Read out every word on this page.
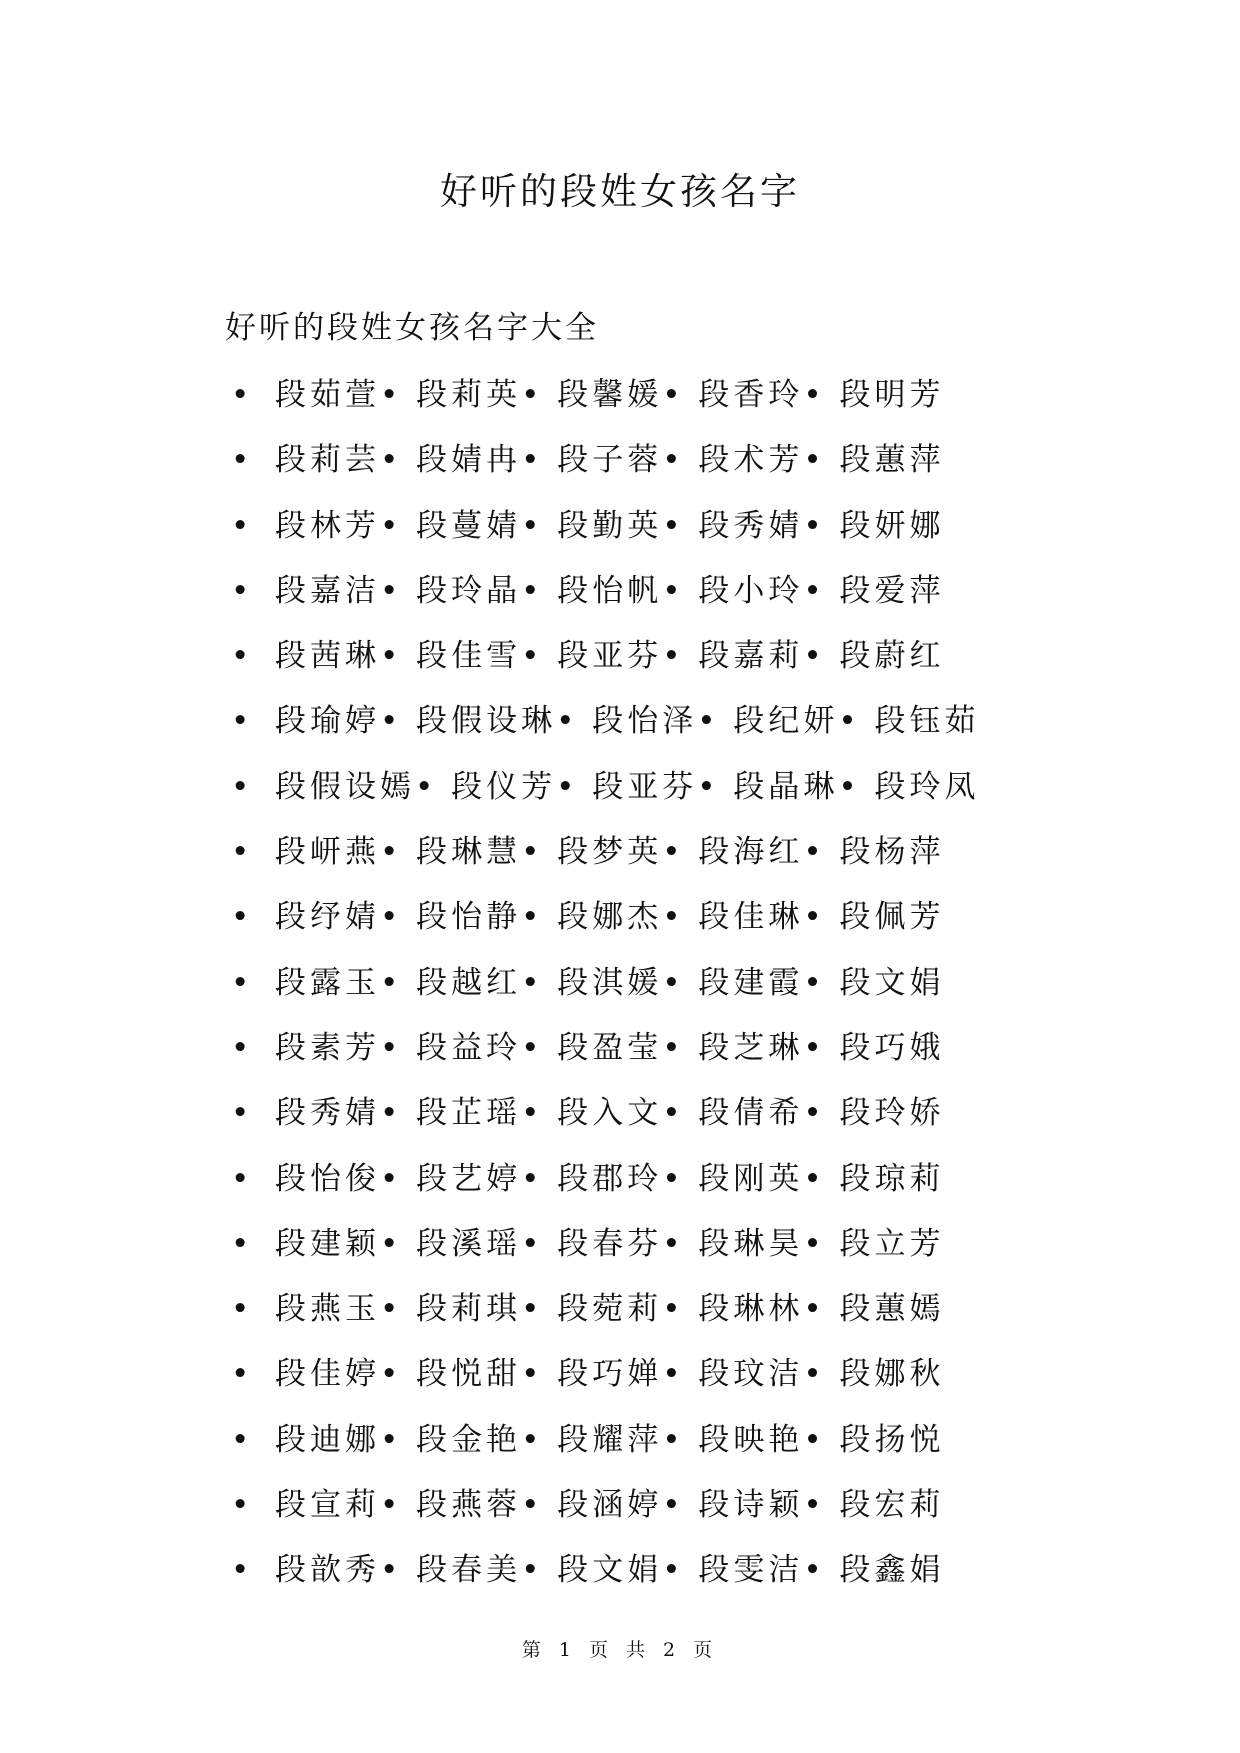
好听的段姓女孩名字
好听的段姓女孩名字大全
• 段茹萱• 段莉英• 段馨媛• 段香玲• 段明芳
• 段莉芸• 段婧冉• 段子蓉• 段术芳• 段蕙萍
• 段林芳• 段蔓婧• 段勤英• 段秀婧• 段妍娜
• 段嘉洁• 段玲晶• 段怡帆• 段小玲• 段爱萍
• 段茜琳• 段佳雪• 段亚芬• 段嘉莉• 段蔚红
• 段瑜婷• 段假设琳• 段怡泽• 段纪妍• 段钰茹
• 段假设嫣• 段仪芳• 段亚芬• 段晶琳• 段玲凤
• 段岍燕• 段琳慧• 段梦英• 段海红• 段杨萍
• 段纾婧• 段怡静• 段娜杰• 段佳琳• 段佩芳
• 段露玉• 段越红• 段淇媛• 段建霞• 段文娟
• 段素芳• 段益玲• 段盈莹• 段芝琳• 段巧娥
• 段秀婧• 段芷瑶• 段入文• 段倩希• 段玲娇
• 段怡俊• 段艺婷• 段郡玲• 段刚英• 段琼莉
• 段建颖• 段溪瑶• 段春芬• 段琳昊• 段立芳
• 段燕玉• 段莉琪• 段菀莉• 段琳林• 段蕙嫣
• 段佳婷• 段悦甜• 段巧婵• 段玟洁• 段娜秋
• 段迪娜• 段金艳• 段耀萍• 段映艳• 段扬悦
• 段宣莉• 段燕蓉• 段涵婷• 段诗颖• 段宏莉
• 段歆秀• 段春美• 段文娟• 段雯洁• 段鑫娟
第 1 页 共 2 页
